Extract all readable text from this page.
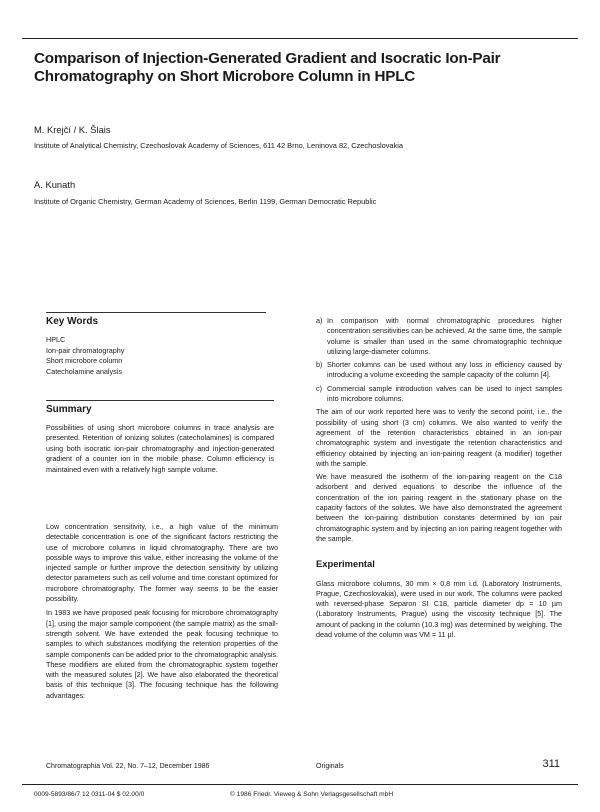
Comparison of Injection-Generated Gradient and Isocratic Ion-Pair Chromatography on Short Microbore Column in HPLC
M. Krejčí / K. Šlais
Institute of Analytical Chemistry, Czechoslovak Academy of Sciences, 611 42 Brno, Leninova 82, Czechoslovakia
A. Kunath
Institute of Organic Chemistry, German Academy of Sciences, Berlin 1199, German Democratic Republic
Key Words
HPLC
Ion-pair chromatography
Short microbore column
Catecholamine analysis
Summary
Possibilities of using short microbore columns in trace analysis are presented. Retention of ionizing solutes (catecholamines) is compared using both isocratic ion-pair chromatography and injection-generated gradient of a counter ion in the mobile phase. Column efficiency is maintained even with a relatively high sample volume.

Low concentration sensitivity, i.e., a high value of the minimum detectable concentration is one of the significant factors restricting the use of microbore columns in liquid chromatography. There are two possible ways to improve this value, either increasing the volume of the injected sample or further improve the detection sensitivity by utilizing detector parameters such as cell volume and time constant optimized for microbore chromatography. The former way seems to be the easier possibility.

In 1983 we have proposed peak focusing for microbore chromatography [1], using the major sample component (the sample matrix) as the small-strength solvent. We have extended the peak focusing technique to samples to which substances modifying the retention properties of the sample components can be added prior to the chromatographic analysis. These modifiers are eluted from the chromatographic system together with the measured solutes [2]. We have also elaborated the theoretical basis of this technique [3]. The focusing technique has the following advantages:

a) In comparison with normal chromatographic procedures higher concentration sensitivities can be achieved. At the same time, the sample volume is smaller than used in the same chromatographic technique utilizing large-diameter columns.
b) Shorter columns can be used without any loss in efficiency caused by introducing a volume exceeding the sample capacity of the column [4].
c) Commercial sample introduction valves can be used to inject samples into microbore columns.

The aim of our work reported here was to verify the second point, i.e., the possibility of using short (3 cm) columns. We also wanted to verify the agreement of the retention characteristics obtained in an ion-pair chromatographic system and investigate the retention characteristics and efficiency obtained by injecting an ion-pairing reagent (a modifier) together with the sample.

We have measured the isotherm of the ion-pairing reagent on the C18 adsorbent and derived equations to describe the influence of the concentration of the ion pairing reagent in the stationary phase on the capacity factors of the solutes. We have also demonstrated the agreement between the ion-pairing distribution constants determined by ion pair chromatographic system and by injecting an ion pairing reagent together with the sample.

Experimental

Glass microbore columns, 30 mm × 0.8 mm i.d. (Laboratory Instruments, Prague, Czechoslovakia), were used in our work. The columns were packed with reversed-phase Separon SI C18, particle diameter dp = 10 µm (Laboratory Instruments, Prague) using the viscosity technique [5]. The amount of packing in the column (10.3 mg) was determined by weighing. The dead volume of the column was VM = 11 µl.

Chromatographia Vol. 22, No. 7–12, December 1986	Originals	311
0009-5893/86/7 12 0311-04 $ 02.00/0	© 1986 Friedr. Vieweg & Sohn Verlagsgesellschaft mbH
